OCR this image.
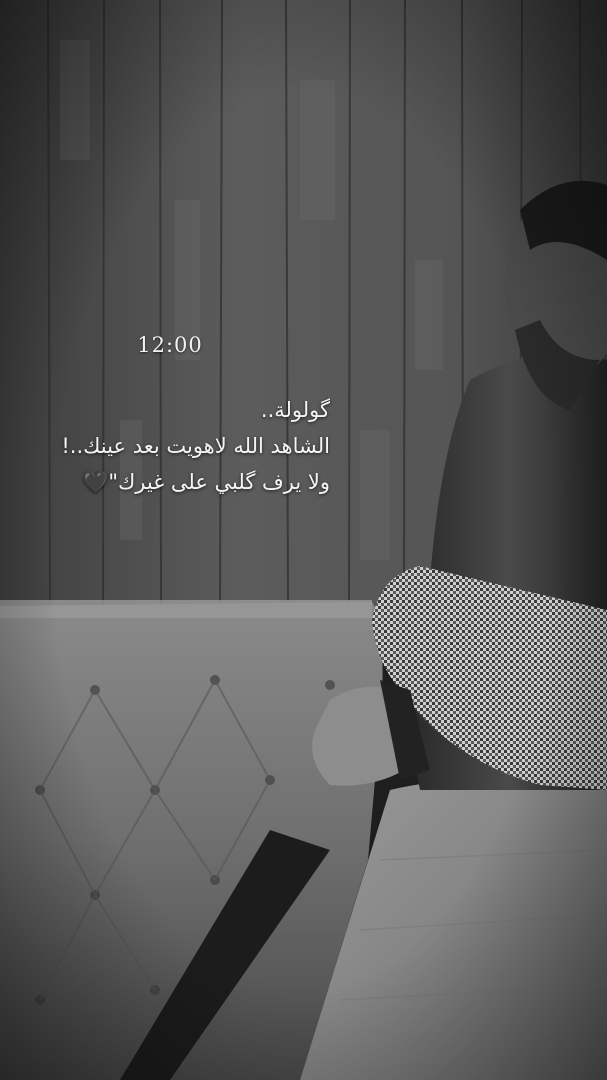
12:00
گولولة..
الشاهد الله لاهويت بعد عينك..!
ولا يرف گلبي على غيرك"🖤
